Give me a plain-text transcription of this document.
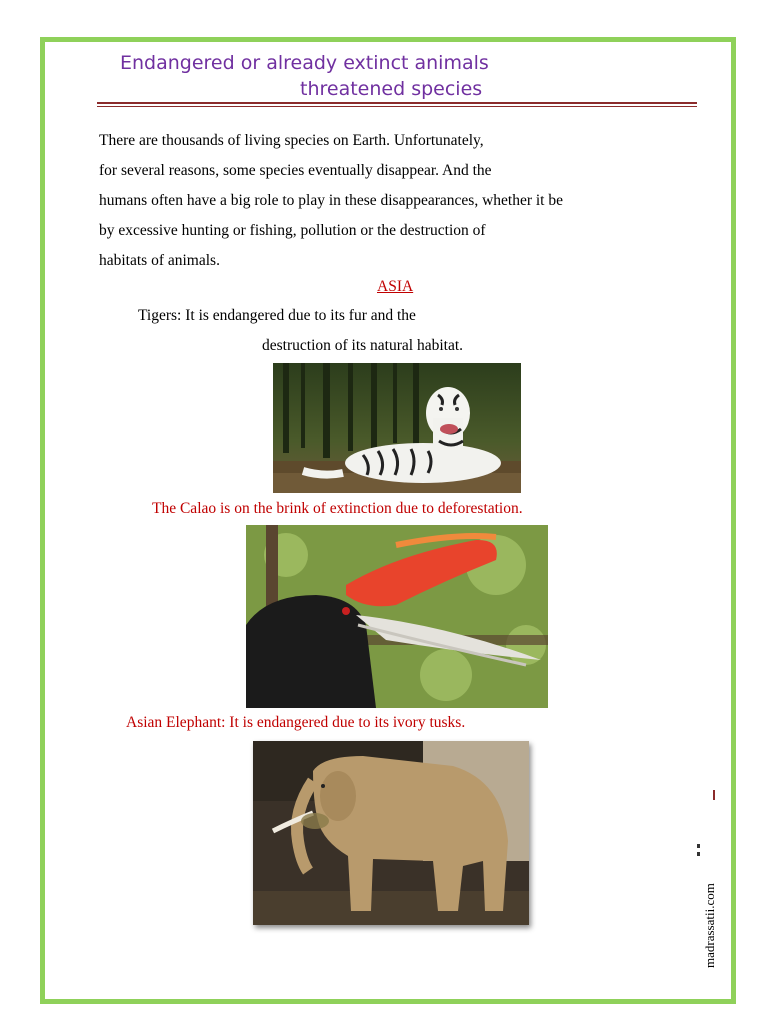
Endangered or already extinct animals
threatened species
There are thousands of living species on Earth. Unfortunately,
for several reasons, some species eventually disappear. And the
humans often have a big role to play in these disappearances, whether it be
by excessive hunting or fishing, pollution or the destruction of
habitats of animals.
ASIA
Tigers: It is endangered due to its fur and the
destruction of its natural habitat.
The Calao is on the brink of extinction due to deforestation.
Asian Elephant: It is endangered due to its ivory tusks.
madrassatii.com
